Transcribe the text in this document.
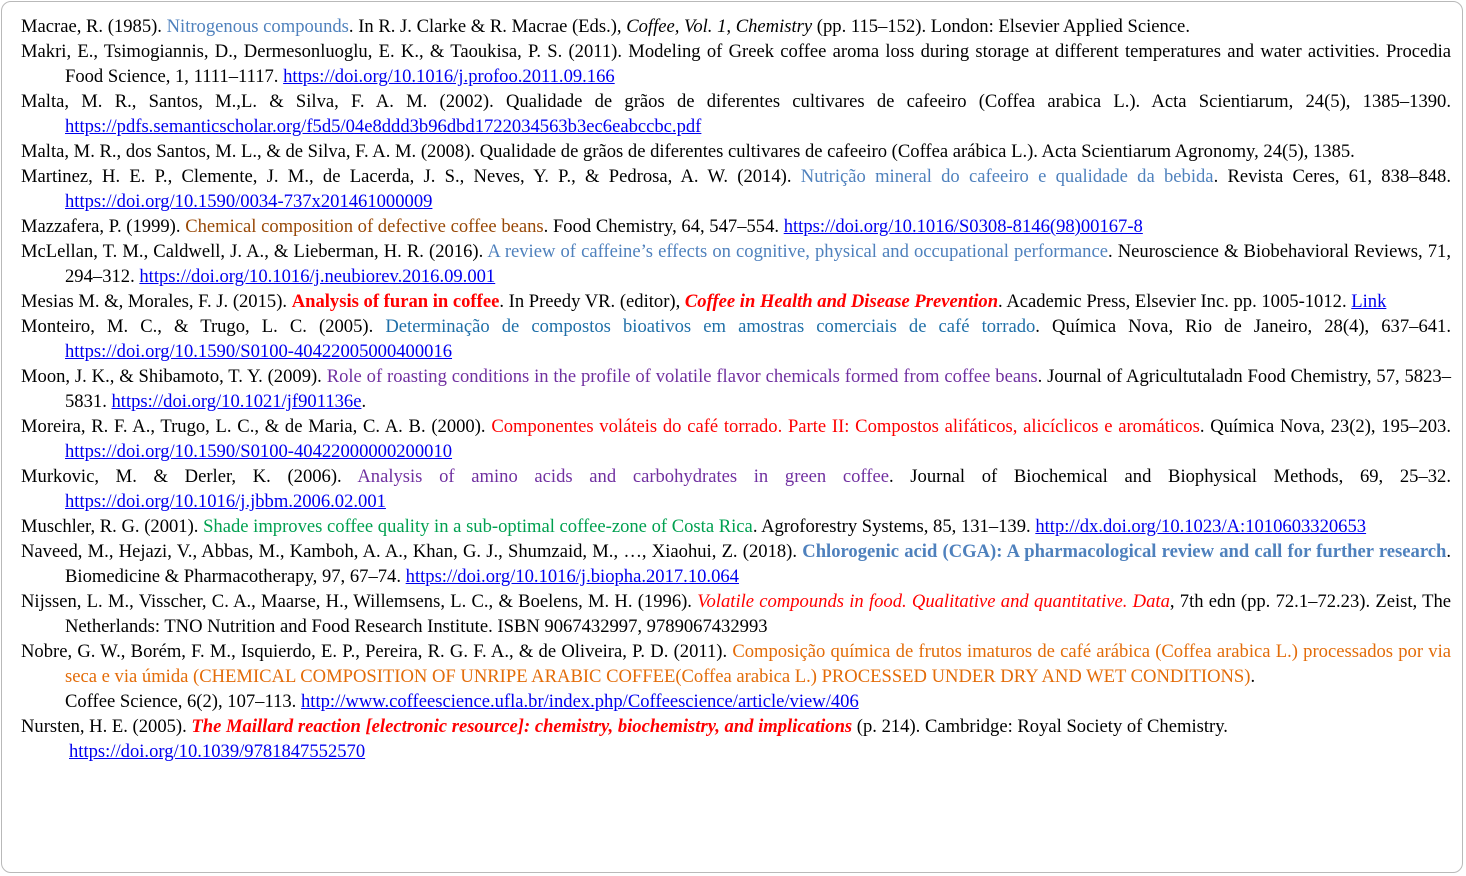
Macrae, R. (1985). Nitrogenous compounds. In R. J. Clarke & R. Macrae (Eds.), Coffee, Vol. 1, Chemistry (pp. 115–152). London: Elsevier Applied Science.

Makri, E., Tsimogiannis, D., Dermesonluoglu, E. K., & Taoukisa, P. S. (2011). Modeling of Greek coffee aroma loss during storage at different temperatures and water activities. Procedia Food Science, 1, 1111–1117. https://doi.org/10.1016/j.profoo.2011.09.166

Malta, M. R., Santos, M.,L. & Silva, F. A. M. (2002). Qualidade de grãos de diferentes cultivares de cafeeiro (Coffea arabica L.). Acta Scientiarum, 24(5), 1385–1390. https://pdfs.semanticscholar.org/f5d5/04e8ddd3b96dbd1722034563b3ec6eabccbc.pdf

Malta, M. R., dos Santos, M. L., & de Silva, F. A. M. (2008). Qualidade de grãos de diferentes cultivares de cafeeiro (Coffea arábica L.). Acta Scientiarum Agronomy, 24(5), 1385.

Martinez, H. E. P., Clemente, J. M., de Lacerda, J. S., Neves, Y. P., & Pedrosa, A. W. (2014). Nutrição mineral do cafeeiro e qualidade da bebida. Revista Ceres, 61, 838–848. https://doi.org/10.1590/0034-737x201461000009

Mazzafera, P. (1999). Chemical composition of defective coffee beans. Food Chemistry, 64, 547–554. https://doi.org/10.1016/S0308-8146(98)00167-8

McLellan, T. M., Caldwell, J. A., & Lieberman, H. R. (2016). A review of caffeine’s effects on cognitive, physical and occupational performance. Neuroscience & Biobehavioral Reviews, 71, 294–312. https://doi.org/10.1016/j.neubiorev.2016.09.001

Mesias M. &, Morales, F. J. (2015). Analysis of furan in coffee. In Preedy VR. (editor), Coffee in Health and Disease Prevention. Academic Press, Elsevier Inc. pp. 1005-1012. Link

Monteiro, M. C., & Trugo, L. C. (2005). Determinação de compostos bioativos em amostras comerciais de café torrado. Química Nova, Rio de Janeiro, 28(4), 637–641. https://doi.org/10.1590/S0100-40422005000400016

Moon, J. K., & Shibamoto, T. Y. (2009). Role of roasting conditions in the profile of volatile flavor chemicals formed from coffee beans. Journal of Agricultutaladn Food Chemistry, 57, 5823–5831. https://doi.org/10.1021/jf901136e.

Moreira, R. F. A., Trugo, L. C., & de Maria, C. A. B. (2000). Componentes voláteis do café torrado. Parte II: Compostos alifáticos, alicíclicos e aromáticos. Química Nova, 23(2), 195–203. https://doi.org/10.1590/S0100-40422000000200010

Murkovic, M. & Derler, K. (2006). Analysis of amino acids and carbohydrates in green coffee. Journal of Biochemical and Biophysical Methods, 69, 25–32. https://doi.org/10.1016/j.jbbm.2006.02.001

Muschler, R. G. (2001). Shade improves coffee quality in a sub-optimal coffee-zone of Costa Rica. Agroforestry Systems, 85, 131–139. http://dx.doi.org/10.1023/A:1010603320653

Naveed, M., Hejazi, V., Abbas, M., Kamboh, A. A., Khan, G. J., Shumzaid, M., …, Xiaohui, Z. (2018). Chlorogenic acid (CGA): A pharmacological review and call for further research. Biomedicine & Pharmacotherapy, 97, 67–74. https://doi.org/10.1016/j.biopha.2017.10.064

Nijssen, L. M., Visscher, C. A., Maarse, H., Willemsens, L. C., & Boelens, M. H. (1996). Volatile compounds in food. Qualitative and quantitative. Data, 7th edn (pp. 72.1–72.23). Zeist, The Netherlands: TNO Nutrition and Food Research Institute. ISBN 9067432997, 9789067432993

Nobre, G. W., Borém, F. M., Isquierdo, E. P., Pereira, R. G. F. A., & de Oliveira, P. D. (2011). Composição química de frutos imaturos de café arábica (Coffea arabica L.) processados por via seca e via úmida (CHEMICAL COMPOSITION OF UNRIPE ARABIC COFFEE(Coffea arabica L.) PROCESSED UNDER DRY AND WET CONDITIONS).

Coffee Science, 6(2), 107–113. http://www.coffeescience.ufla.br/index.php/Coffeescience/article/view/406

Nursten, H. E. (2005). The Maillard reaction [electronic resource]: chemistry, biochemistry, and implications (p. 214). Cambridge: Royal Society of Chemistry.
https://doi.org/10.1039/9781847552570
